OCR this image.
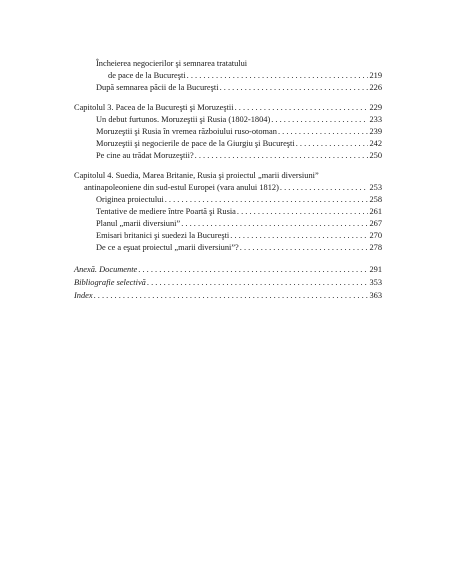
Încheierea negocierilor şi semnarea tratatului
de pace de la Bucureşti . . .	219
După semnarea păcii de la Bucureşti . . .	226
Capitolul 3. Pacea de la Bucureşti şi Moruzeştii . . .	229
Un debut furtunos. Moruzeştii şi Rusia (1802-1804) . . .	233
Moruzeştii şi Rusia în vremea războiului ruso-otoman . . .	239
Moruzeştii şi negocierile de pace de la Giurgiu şi Bucureşti . . .	242
Pe cine au trădat Moruzeştii? . . .	250
Capitolul 4. Suedia, Marea Britanie, Rusia şi proiectul „marii diversiuni”
antinapoleoniene din sud-estul Europei (vara anului 1812) . . .	253
Originea proiectului . . .	258
Tentative de mediere între Poartă şi Rusia . . .	261
Planul „marii diversiuni” . . .	267
Emisari britanici şi suedezi la Bucureşti . . .	270
De ce a eşuat proiectul „marii diversiuni”? . . .	278
Anexă. Documente . . .	291
Bibliografie selectivă . . .	353
Index . . .	363
